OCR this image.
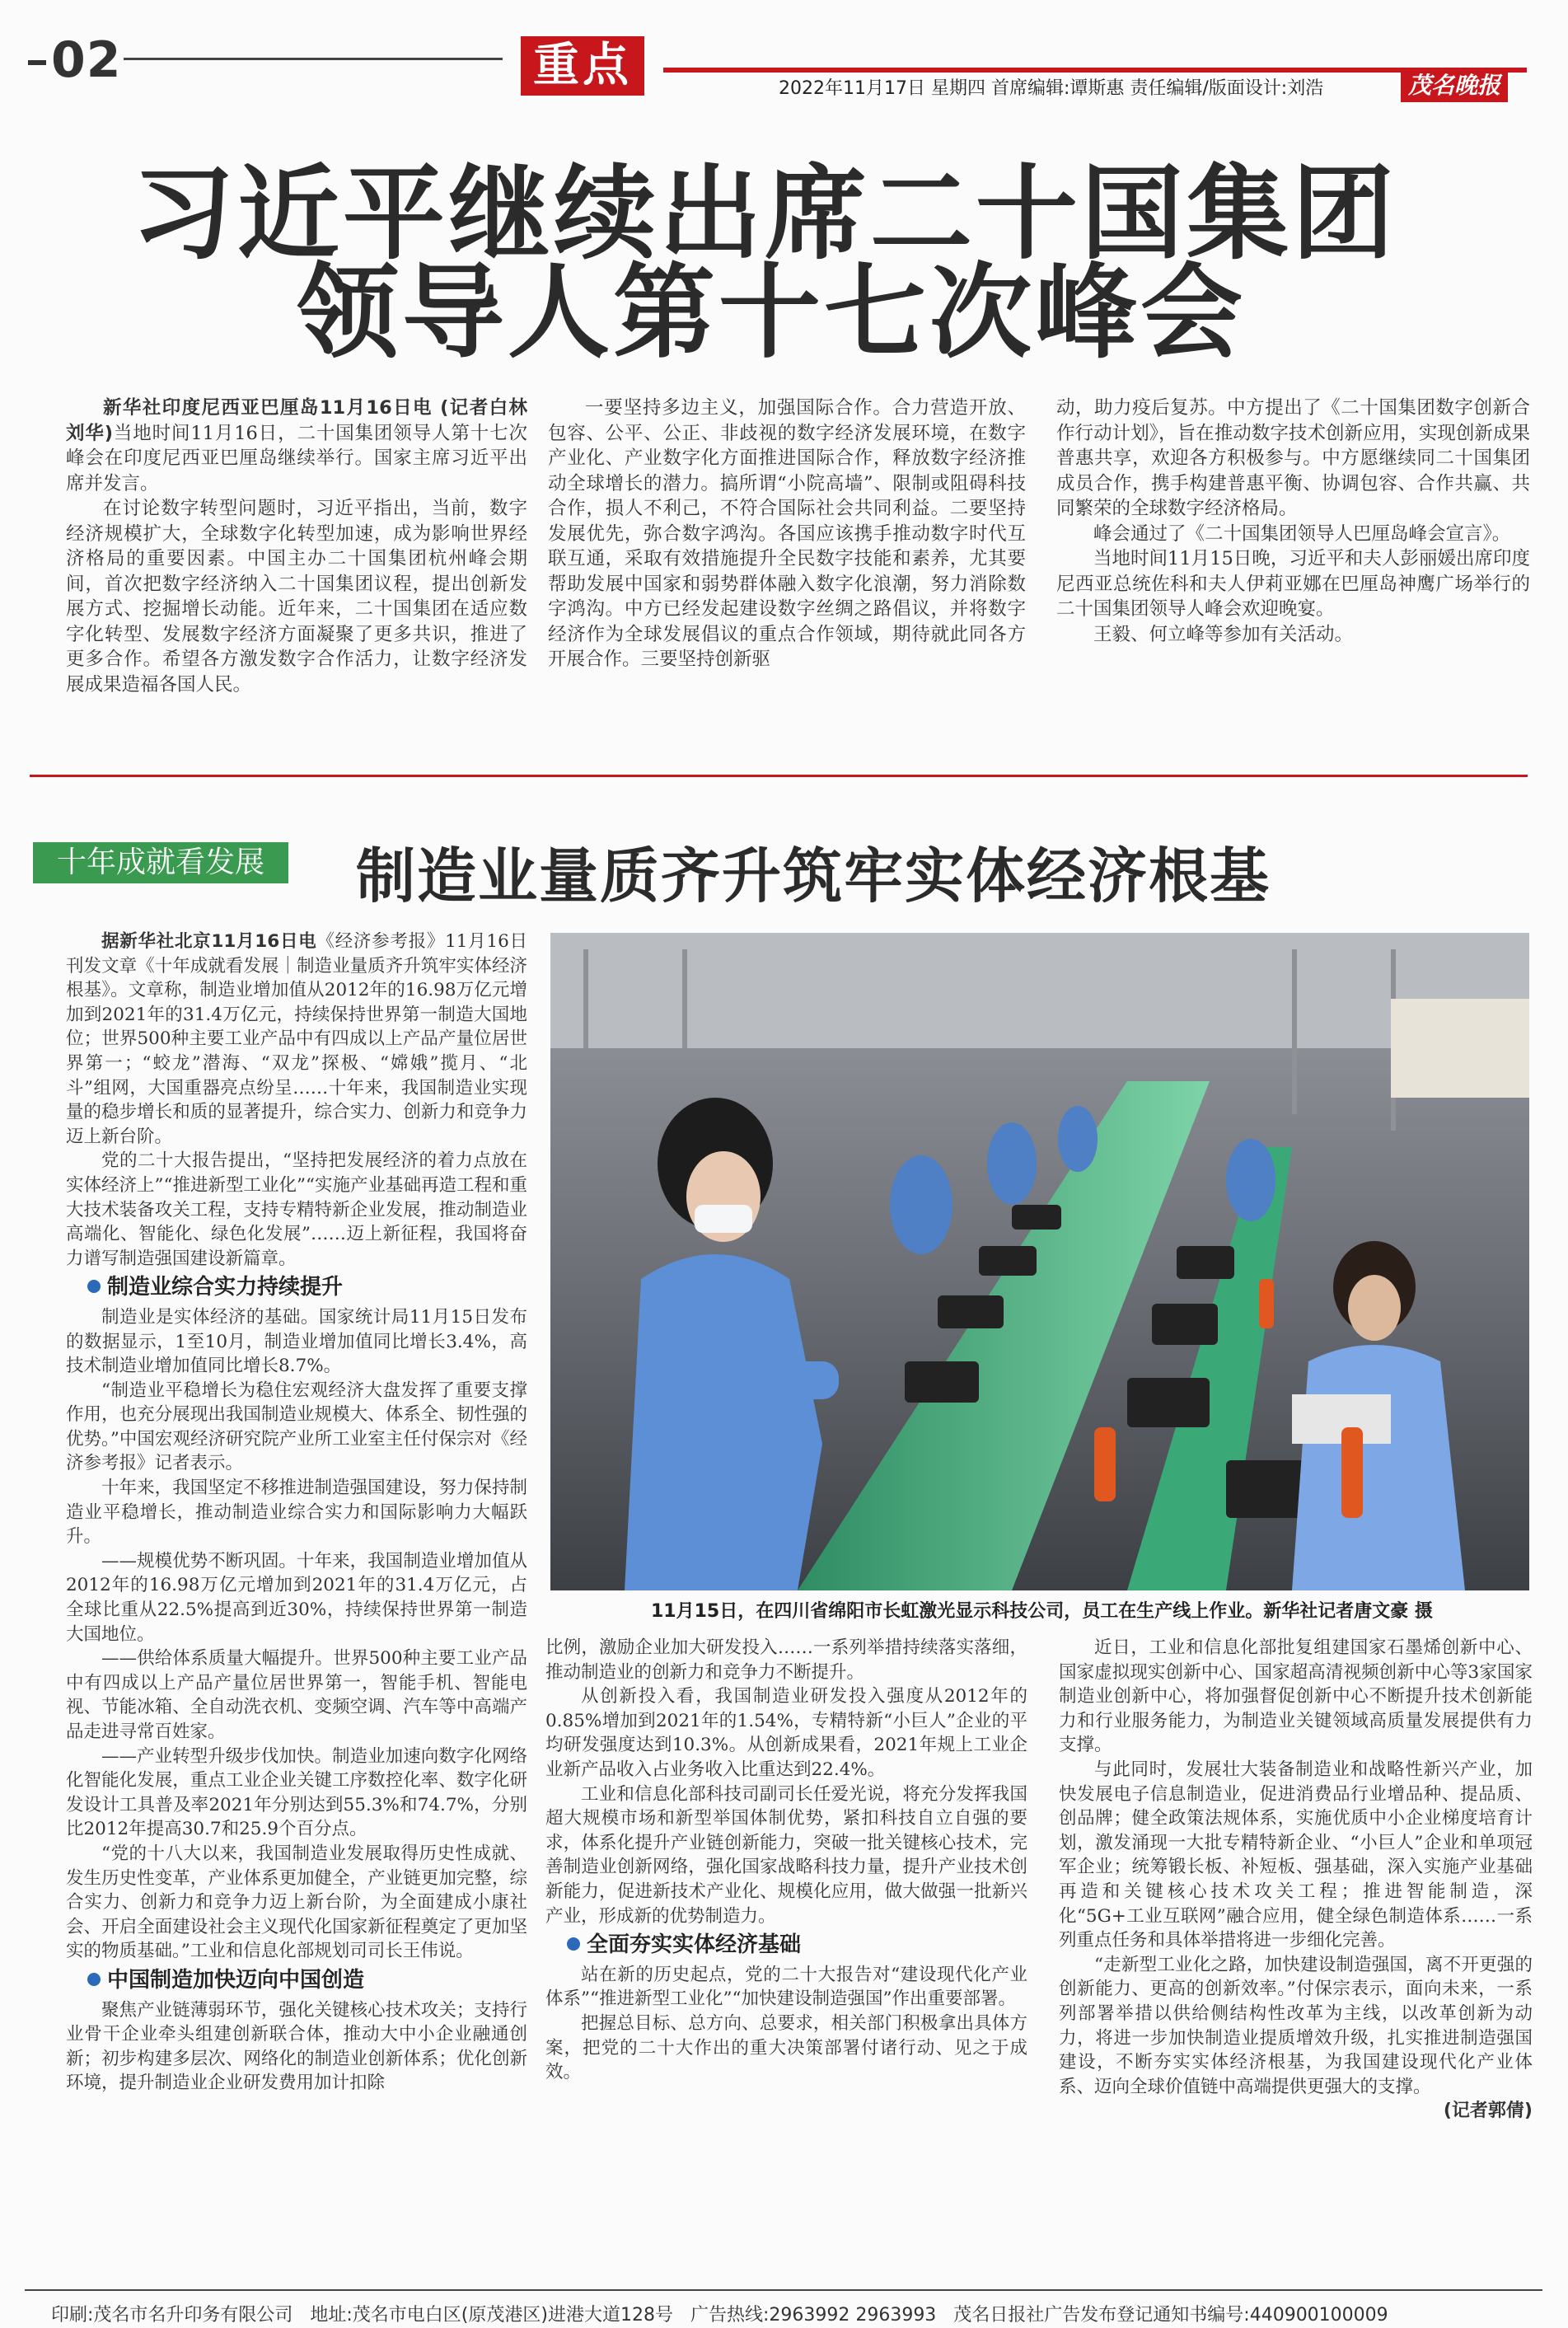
02	重点	2022年11月17日 星期四 首席编辑:谭斯惠 责任编辑/版面设计:刘浩	茂名晚报
习近平继续出席二十国集团
领导人第十七次峰会

新华社印度尼西亚巴厘岛11月16日电 (记者白林 刘华)当地时间11月16日，二十国集团领导人第十七次峰会在印度尼西亚巴厘岛继续举行。国家主席习近平出席并发言。

在讨论数字转型问题时，习近平指出，当前，数字经济规模扩大，全球数字化转型加速，成为影响世界经济格局的重要因素。中国主办二十国集团杭州峰会期间，首次把数字经济纳入二十国集团议程，提出创新发展方式、挖掘增长动能。近年来，二十国集团在适应数字化转型、发展数字经济方面凝聚了更多共识，推进了更多合作。希望各方激发数字合作活力，让数字经济发展成果造福各国人民。

一要坚持多边主义，加强国际合作。合力营造开放、包容、公平、公正、非歧视的数字经济发展环境，在数字产业化、产业数字化方面推进国际合作，释放数字经济推动全球增长的潜力。搞所谓“小院高墙”、限制或阻碍科技合作，损人不利己，不符合国际社会共同利益。二要坚持发展优先，弥合数字鸿沟。各国应该携手推动数字时代互联互通，采取有效措施提升全民数字技能和素养，尤其要帮助发展中国家和弱势群体融入数字化浪潮，努力消除数字鸿沟。中方已经发起建设数字丝绸之路倡议，并将数字经济作为全球发展倡议的重点合作领域，期待就此同各方开展合作。三要坚持创新驱

动，助力疫后复苏。中方提出了《二十国集团数字创新合作行动计划》，旨在推动数字技术创新应用，实现创新成果普惠共享，欢迎各方积极参与。中方愿继续同二十国集团成员合作，携手构建普惠平衡、协调包容、合作共赢、共同繁荣的全球数字经济格局。

峰会通过了《二十国集团领导人巴厘岛峰会宣言》。

当地时间11月15日晚，习近平和夫人彭丽媛出席印度尼西亚总统佐科和夫人伊莉亚娜在巴厘岛神鹰广场举行的二十国集团领导人峰会欢迎晚宴。

王毅、何立峰等参加有关活动。

十年成就看发展	制造业量质齐升筑牢实体经济根基

据新华社北京11月16日电《经济参考报》11月16日刊发文章《十年成就看发展｜制造业量质齐升筑牢实体经济根基》。文章称，制造业增加值从2012年的16.98万亿元增加到2021年的31.4万亿元，持续保持世界第一制造大国地位；世界500种主要工业产品中有四成以上产品产量位居世界第一；“蛟龙”潜海、“双龙”探极、“嫦娥”揽月、“北斗”组网，大国重器亮点纷呈……十年来，我国制造业实现量的稳步增长和质的显著提升，综合实力、创新力和竞争力迈上新台阶。

党的二十大报告提出，“坚持把发展经济的着力点放在实体经济上”“推进新型工业化”“实施产业基础再造工程和重大技术装备攻关工程，支持专精特新企业发展，推动制造业高端化、智能化、绿色化发展”……迈上新征程，我国将奋力谱写制造强国建设新篇章。

制造业综合实力持续提升

制造业是实体经济的基础。国家统计局11月15日发布的数据显示，1至10月，制造业增加值同比增长3.4%，高技术制造业增加值同比增长8.7%。

“制造业平稳增长为稳住宏观经济大盘发挥了重要支撑作用，也充分展现出我国制造业规模大、体系全、韧性强的优势。”中国宏观经济研究院产业所工业室主任付保宗对《经济参考报》记者表示。

十年来，我国坚定不移推进制造强国建设，努力保持制造业平稳增长，推动制造业综合实力和国际影响力大幅跃升。

——规模优势不断巩固。十年来，我国制造业增加值从2012年的16.98万亿元增加到2021年的31.4万亿元，占全球比重从22.5%提高到近30%，持续保持世界第一制造大国地位。

——供给体系质量大幅提升。世界500种主要工业产品中有四成以上产品产量位居世界第一，智能手机、智能电视、节能冰箱、全自动洗衣机、变频空调、汽车等中高端产品走进寻常百姓家。

——产业转型升级步伐加快。制造业加速向数字化网络化智能化发展，重点工业企业关键工序数控化率、数字化研发设计工具普及率2021年分别达到55.3%和74.7%，分别比2012年提高30.7和25.9个百分点。

“党的十八大以来，我国制造业发展取得历史性成就、发生历史性变革，产业体系更加健全，产业链更加完整，综合实力、创新力和竞争力迈上新台阶，为全面建成小康社会、开启全面建设社会主义现代化国家新征程奠定了更加坚实的物质基础。”工业和信息化部规划司司长王伟说。

中国制造加快迈向中国创造

聚焦产业链薄弱环节，强化关键核心技术攻关；支持行业骨干企业牵头组建创新联合体，推动大中小企业融通创新；初步构建多层次、网络化的制造业创新体系；优化创新环境，提升制造业企业研发费用加计扣除

11月15日，在四川省绵阳市长虹激光显示科技公司，员工在生产线上作业。新华社记者唐文豪 摄

比例，激励企业加大研发投入……一系列举措持续落实落细，推动制造业的创新力和竞争力不断提升。

从创新投入看，我国制造业研发投入强度从2012年的0.85%增加到2021年的1.54%，专精特新“小巨人”企业的平均研发强度达到10.3%。从创新成果看，2021年规上工业企业新产品收入占业务收入比重达到22.4%。

工业和信息化部科技司副司长任爱光说，将充分发挥我国超大规模市场和新型举国体制优势，紧扣科技自立自强的要求，体系化提升产业链创新能力，突破一批关键核心技术，完善制造业创新网络，强化国家战略科技力量，提升产业技术创新能力，促进新技术产业化、规模化应用，做大做强一批新兴产业，形成新的优势制造力。

全面夯实实体经济基础

站在新的历史起点，党的二十大报告对“建设现代化产业体系”“推进新型工业化”“加快建设制造强国”作出重要部署。

把握总目标、总方向、总要求，相关部门积极拿出具体方案，把党的二十大作出的重大决策部署付诸行动、见之于成效。

近日，工业和信息化部批复组建国家石墨烯创新中心、国家虚拟现实创新中心、国家超高清视频创新中心等3家国家制造业创新中心，将加强督促创新中心不断提升技术创新能力和行业服务能力，为制造业关键领域高质量发展提供有力支撑。

与此同时，发展壮大装备制造业和战略性新兴产业，加快发展电子信息制造业，促进消费品行业增品种、提品质、创品牌；健全政策法规体系，实施优质中小企业梯度培育计划，激发涌现一大批专精特新企业、“小巨人”企业和单项冠军企业；统筹锻长板、补短板、强基础，深入实施产业基础再造和关键核心技术攻关工程；推进智能制造，深化“5G+工业互联网”融合应用，健全绿色制造体系……一系列重点任务和具体举措将进一步细化完善。

“走新型工业化之路，加快建设制造强国，离不开更强的创新能力、更高的创新效率。”付保宗表示，面向未来，一系列部署举措以供给侧结构性改革为主线，以改革创新为动力，将进一步加快制造业提质增效升级，扎实推进制造强国建设，不断夯实实体经济根基，为我国建设现代化产业体系、迈向全球价值链中高端提供更强大的支撑。

(记者郭倩)

印刷:茂名市名升印务有限公司   地址:茂名市电白区(原茂港区)进港大道128号   广告热线:2963992 2963993   茂名日报社广告发布登记通知书编号:440900100009
